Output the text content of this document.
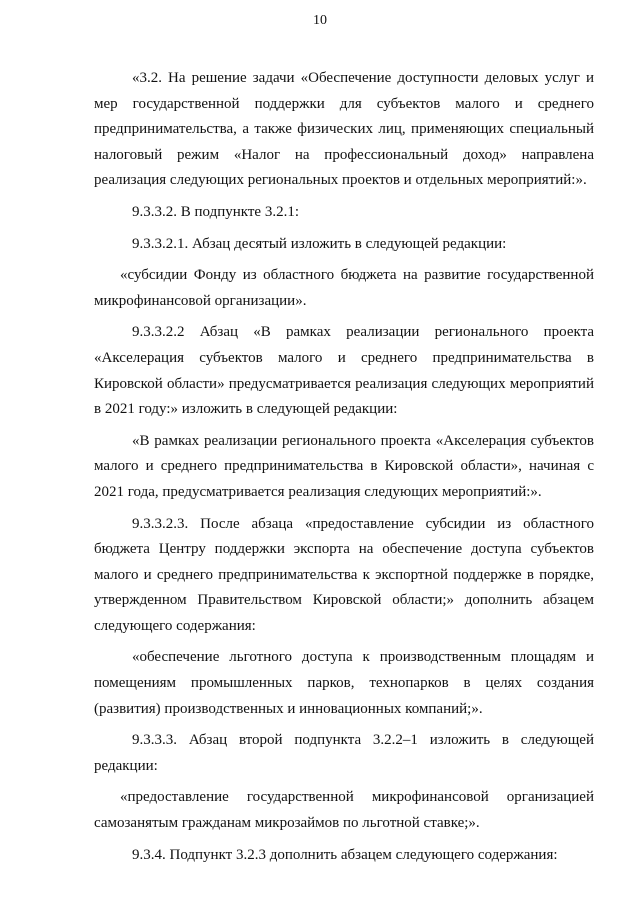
10

«3.2. На решение задачи «Обеспечение доступности деловых услуг и мер государственной поддержки для субъектов малого и среднего предпринимательства, а также физических лиц, применяющих специальный налоговый режим «Налог на профессиональный доход» направлена реализация следующих региональных проектов и отдельных мероприятий:».

9.3.3.2. В подпункте 3.2.1:

9.3.3.2.1. Абзац десятый изложить в следующей редакции:

«субсидии Фонду из областного бюджета на развитие государственной микрофинансовой организации».

9.3.3.2.2 Абзац «В рамках реализации регионального проекта «Акселерация субъектов малого и среднего предпринимательства в Кировской области» предусматривается реализация следующих мероприятий в 2021 году:» изложить в следующей редакции:

«В рамках реализации регионального проекта «Акселерация субъектов малого и среднего предпринимательства в Кировской области», начиная с 2021 года, предусматривается реализация следующих мероприятий:».

9.3.3.2.3. После абзаца «предоставление субсидии из областного бюджета Центру поддержки экспорта на обеспечение доступа субъектов малого и среднего предпринимательства к экспортной поддержке в порядке, утвержденном Правительством Кировской области;» дополнить абзацем следующего содержания:

«обеспечение льготного доступа к производственным площадям и помещениям промышленных парков, технопарков в целях создания (развития) производственных и инновационных компаний;».

9.3.3.3. Абзац второй подпункта 3.2.2–1 изложить в следующей редакции:

«предоставление государственной микрофинансовой организацией самозанятым гражданам микрозаймов по льготной ставке;».

9.3.4. Подпункт 3.2.3 дополнить абзацем следующего содержания:
